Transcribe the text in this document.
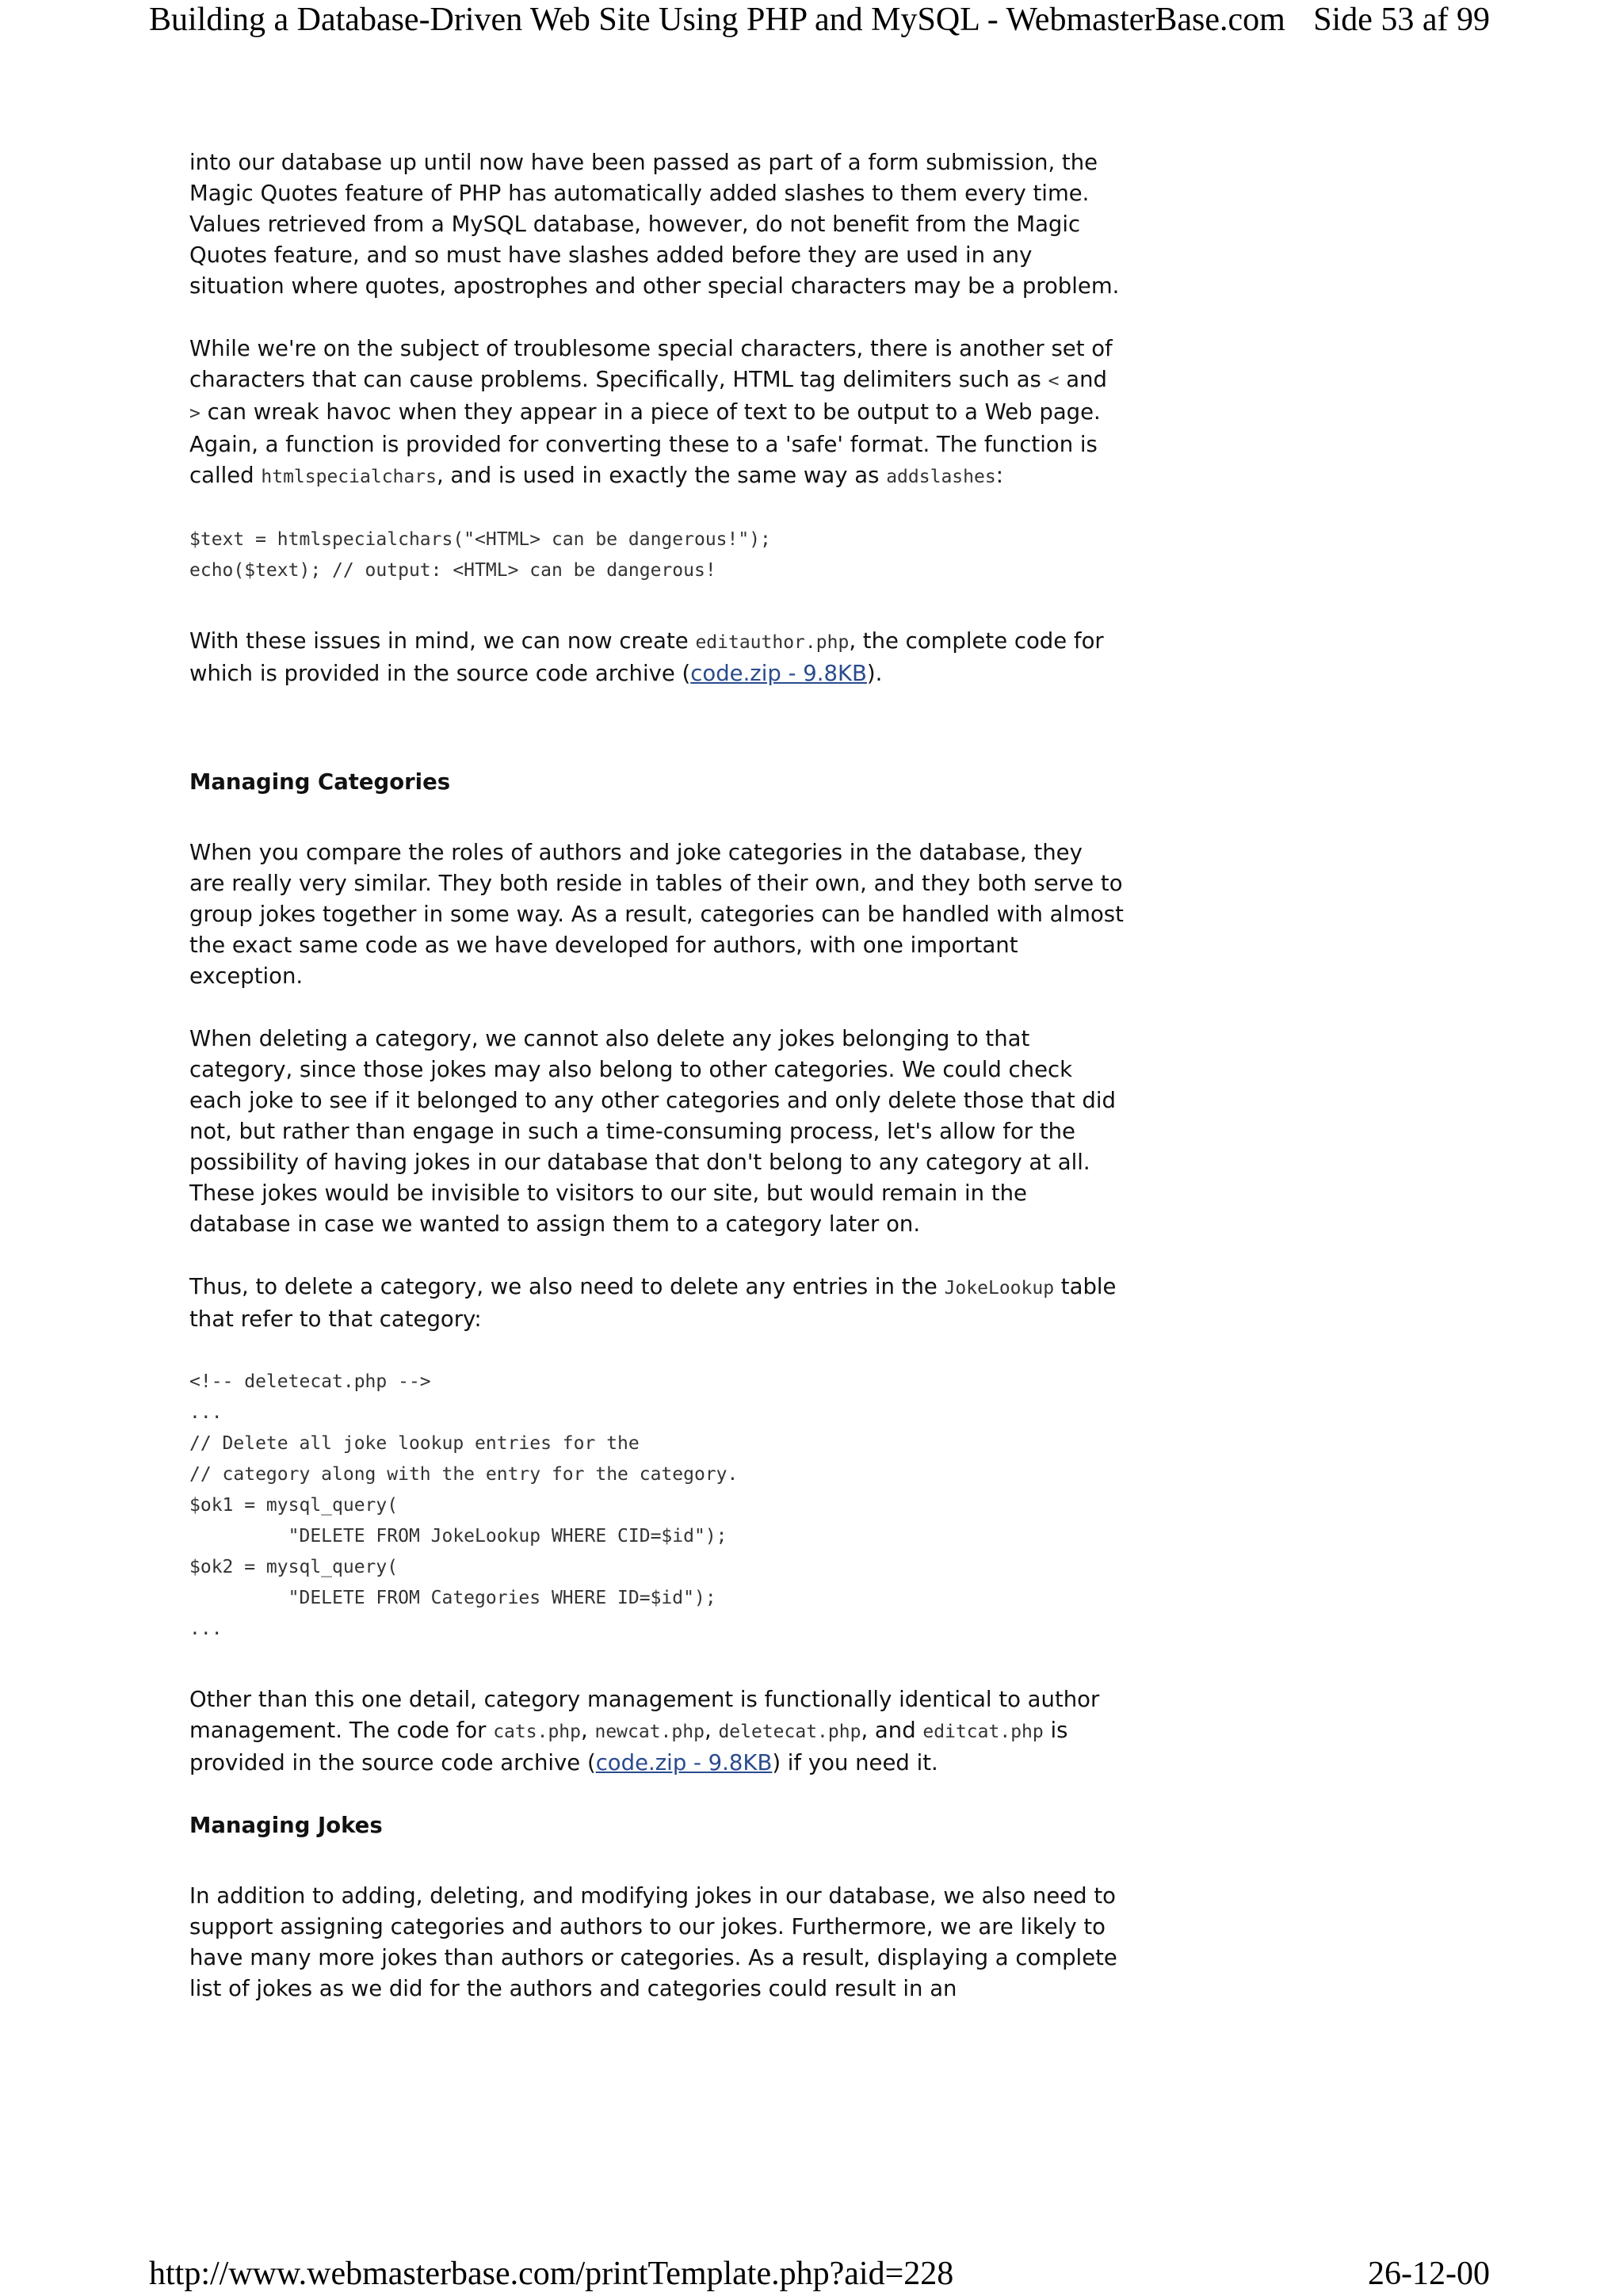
Building a Database-Driven Web Site Using PHP and MySQL - WebmasterBase.com Side 53 af 99

into our database up until now have been passed as part of a form submission, the Magic Quotes feature of PHP has automatically added slashes to them every time. Values retrieved from a MySQL database, however, do not benefit from the Magic Quotes feature, and so must have slashes added before they are used in any situation where quotes, apostrophes and other special characters may be a problem.

While we're on the subject of troublesome special characters, there is another set of characters that can cause problems. Specifically, HTML tag delimiters such as < and > can wreak havoc when they appear in a piece of text to be output to a Web page. Again, a function is provided for converting these to a 'safe' format. The function is called htmlspecialchars, and is used in exactly the same way as addslashes:

$text = htmlspecialchars("<HTML> can be dangerous!");
echo($text); // output: <HTML> can be dangerous!

With these issues in mind, we can now create editauthor.php, the complete code for which is provided in the source code archive (code.zip - 9.8KB).

Managing Categories

When you compare the roles of authors and joke categories in the database, they are really very similar. They both reside in tables of their own, and they both serve to group jokes together in some way. As a result, categories can be handled with almost the exact same code as we have developed for authors, with one important exception.

When deleting a category, we cannot also delete any jokes belonging to that category, since those jokes may also belong to other categories. We could check each joke to see if it belonged to any other categories and only delete those that did not, but rather than engage in such a time-consuming process, let's allow for the possibility of having jokes in our database that don't belong to any category at all. These jokes would be invisible to visitors to our site, but would remain in the database in case we wanted to assign them to a category later on.

Thus, to delete a category, we also need to delete any entries in the JokeLookup table that refer to that category:

<!-- deletecat.php -->
...
// Delete all joke lookup entries for the
// category along with the entry for the category.
$ok1 = mysql_query(
"DELETE FROM JokeLookup WHERE CID=$id");
$ok2 = mysql_query(
"DELETE FROM Categories WHERE ID=$id");
...

Other than this one detail, category management is functionally identical to author management. The code for cats.php, newcat.php, deletecat.php, and editcat.php is provided in the source code archive (code.zip - 9.8KB) if you need it.

Managing Jokes

In addition to adding, deleting, and modifying jokes in our database, we also need to support assigning categories and authors to our jokes. Furthermore, we are likely to have many more jokes than authors or categories. As a result, displaying a complete list of jokes as we did for the authors and categories could result in an

http://www.webmasterbase.com/printTemplate.php?aid=228	26-12-00
